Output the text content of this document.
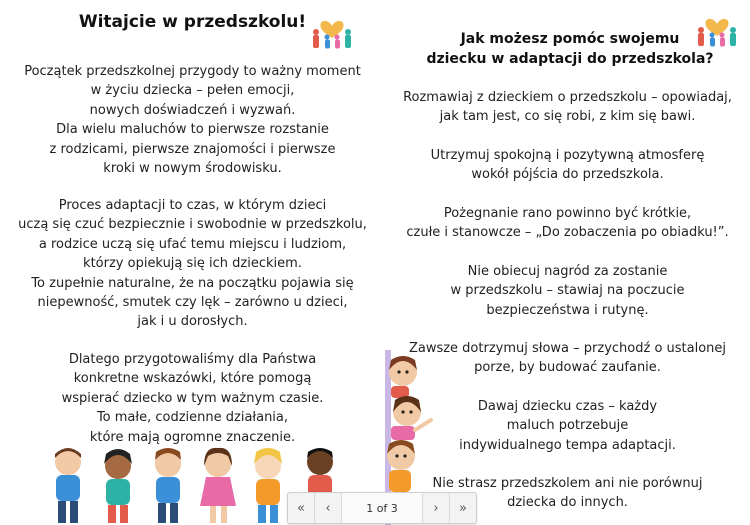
Witajcie w przedszkolu!
Początek przedszkolnej przygody to ważny moment
w życiu dziecka – pełen emocji,
nowych doświadczeń i wyzwań.
Dla wielu maluchów to pierwsze rozstanie
z rodzicami, pierwsze znajomości i pierwsze
kroki w nowym środowisku.
Proces adaptacji to czas, w którym dzieci
uczą się czuć bezpiecznie i swobodnie w przedszkolu,
a rodzice uczą się ufać temu miejscu i ludziom,
którzy opiekują się ich dzieckiem.
To zupełnie naturalne, że na początku pojawia się
niepewność, smutek czy lęk – zarówno u dzieci,
jak i u dorosłych.
Dlatego przygotowaliśmy dla Państwa
konkretne wskazówki, które pomogą
wspierać dziecko w tym ważnym czasie.
To małe, codzienne działania,
które mają ogromne znaczenie.
Jak możesz pomóc swojemu
dziecku w adaptacji do przedszkola?
Rozmawiaj z dzieckiem o przedszkolu – opowiadaj,
jak tam jest, co się robi, z kim się bawi.
Utrzymuj spokojną i pozytywną atmosferę
wokół pójścia do przedszkola.
Pożegnanie rano powinno być krótkie,
czułe i stanowcze – „Do zobaczenia po obiadku!”.
Nie obiecuj nagród za zostanie
w przedszkolu – stawiaj na poczucie
bezpieczeństwa i rutynę.
Zawsze dotrzymuj słowa – przychodź o ustalonej
porze, by budować zaufanie.
Dawaj dziecku czas – każdy
maluch potrzebuje
indywidualnego tempa adaptacji.
Nie strasz przedszkolem ani nie porównuj
dziecka do innych.
«	‹	1 of 3	›	»
